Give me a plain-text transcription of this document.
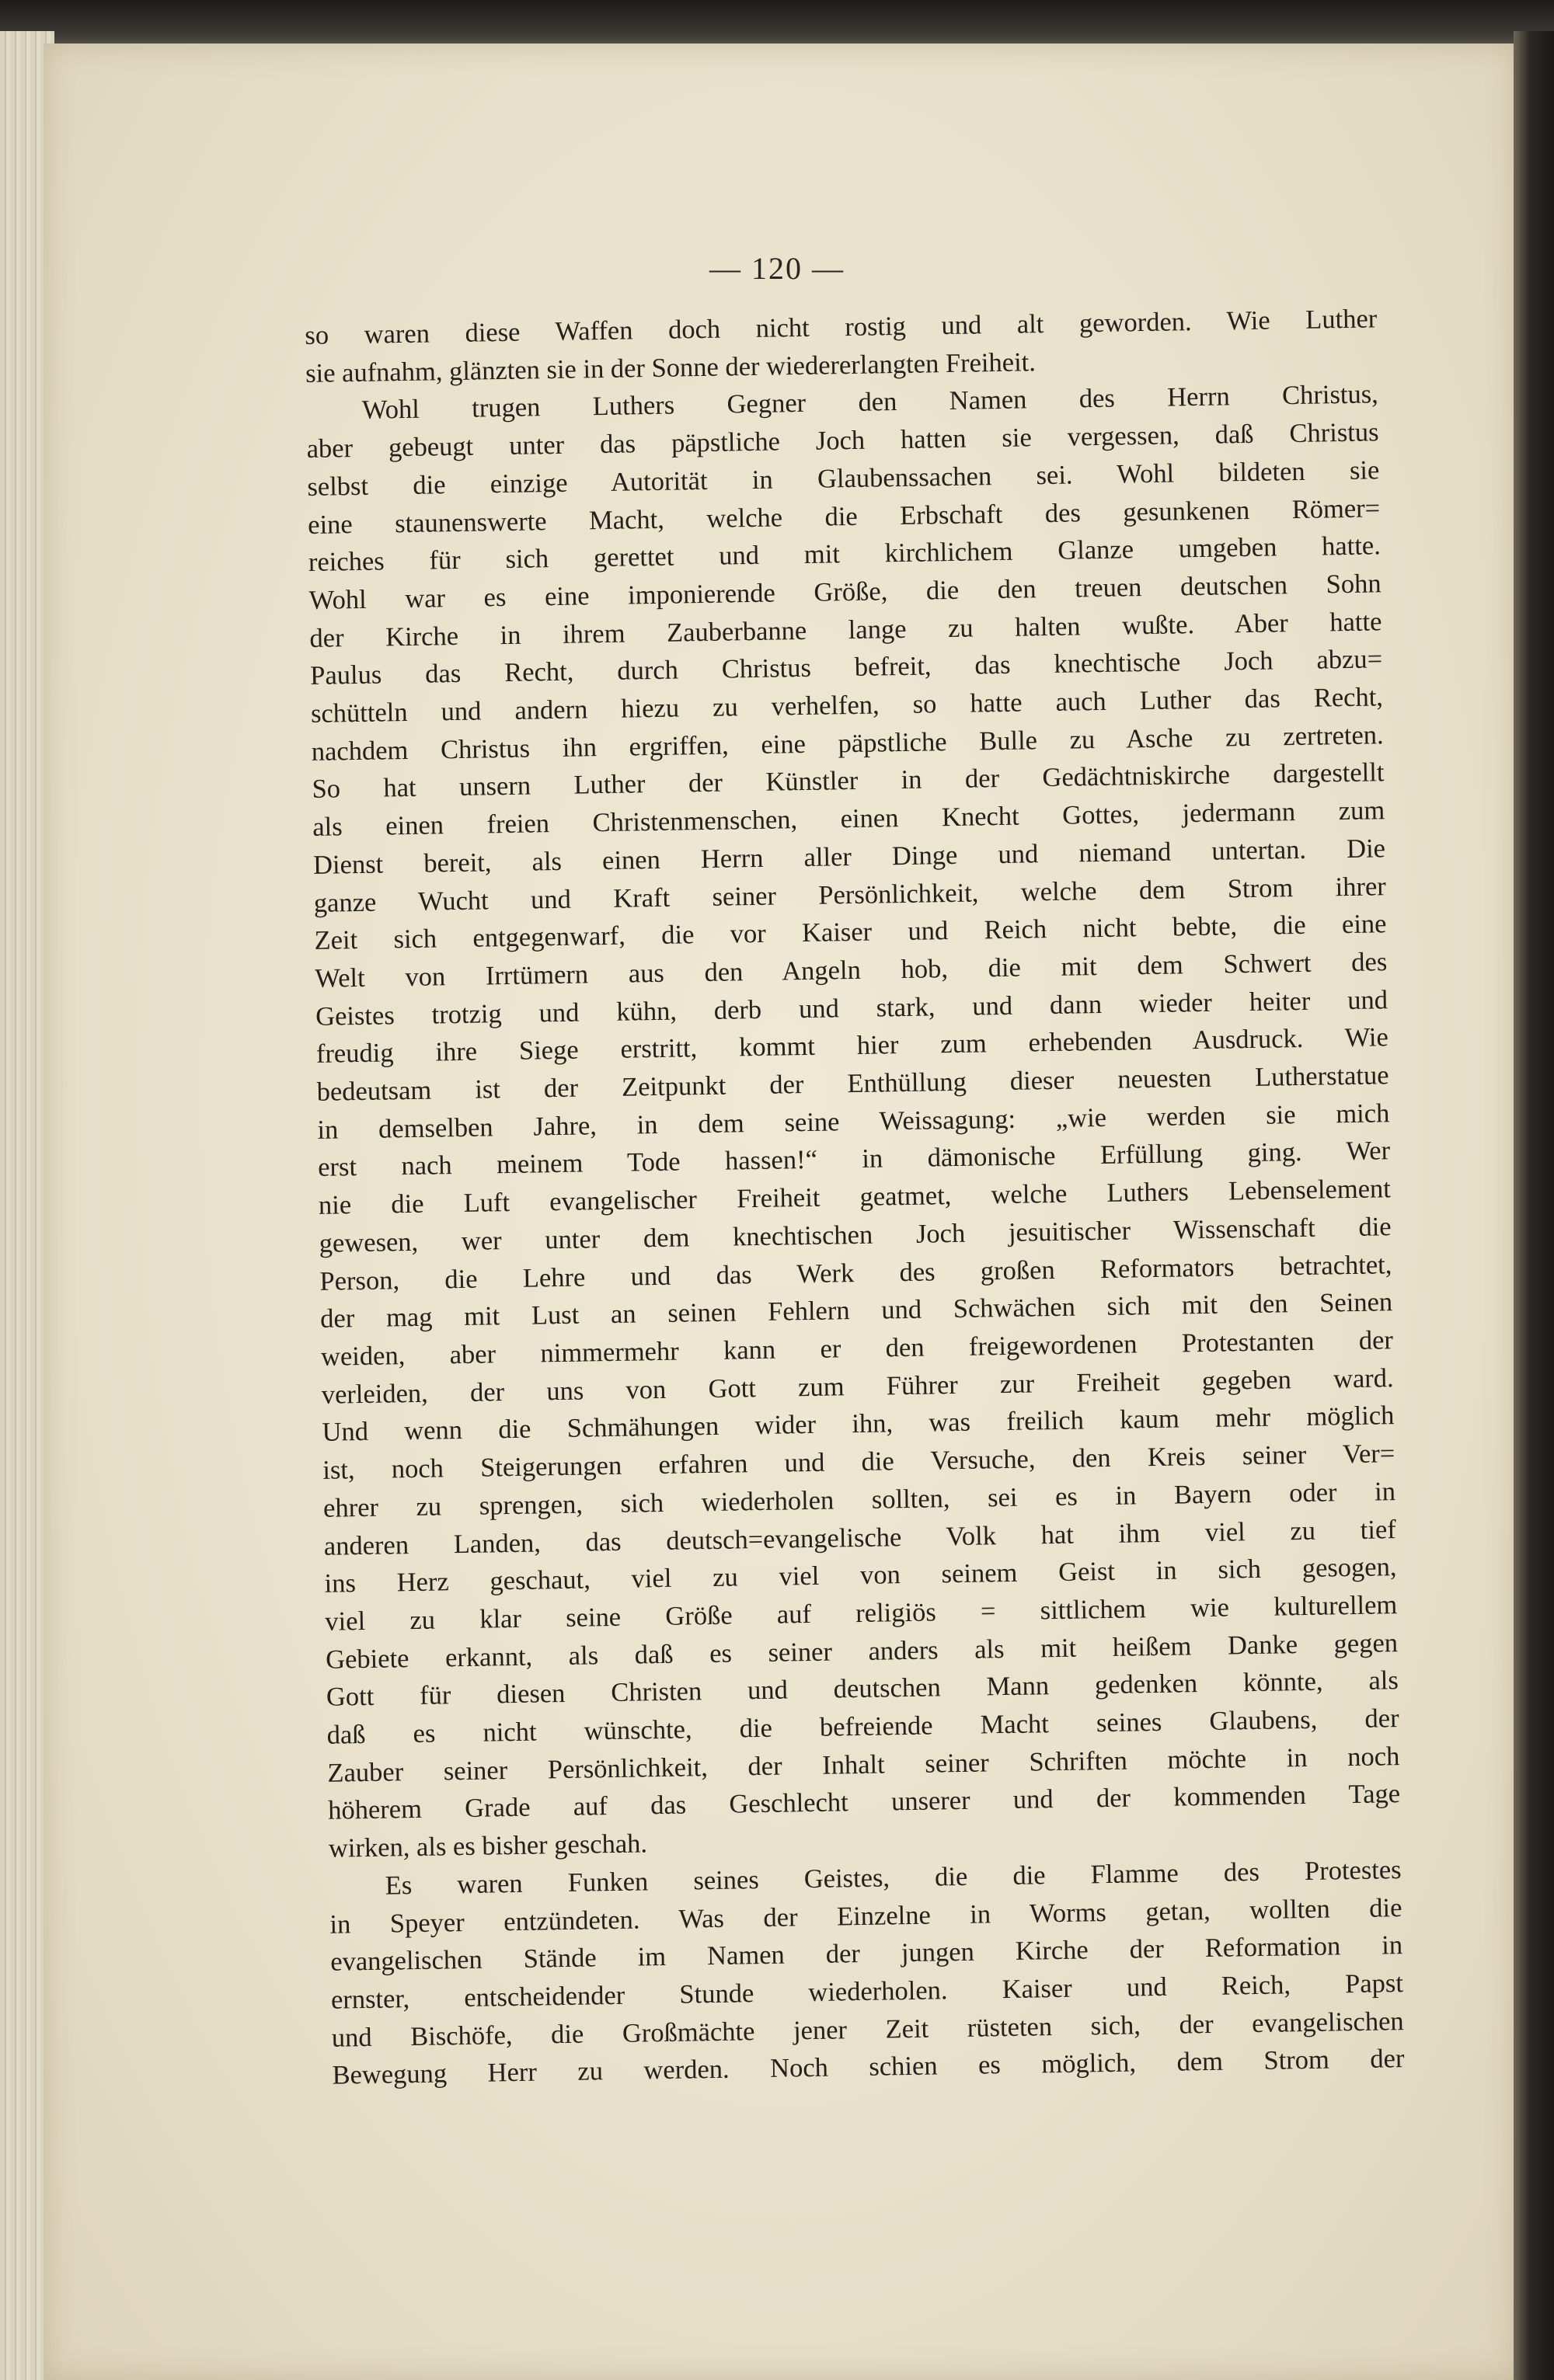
— 120 —
so waren diese Waffen doch nicht rostig und alt geworden. Wie Luther
sie aufnahm, glänzten sie in der Sonne der wiedererlangten Freiheit.
Wohl trugen Luthers Gegner den Namen des Herrn Christus,
aber gebeugt unter das päpstliche Joch hatten sie vergessen, daß Christus
selbst die einzige Autorität in Glaubenssachen sei. Wohl bildeten sie
eine staunenswerte Macht, welche die Erbschaft des gesunkenen Römer=
reiches für sich gerettet und mit kirchlichem Glanze umgeben hatte.
Wohl war es eine imponierende Größe, die den treuen deutschen Sohn
der Kirche in ihrem Zauberbanne lange zu halten wußte. Aber hatte
Paulus das Recht, durch Christus befreit, das knechtische Joch abzu=
schütteln und andern hiezu zu verhelfen, so hatte auch Luther das Recht,
nachdem Christus ihn ergriffen, eine päpstliche Bulle zu Asche zu zertreten.
So hat unsern Luther der Künstler in der Gedächtniskirche dargestellt
als einen freien Christenmenschen, einen Knecht Gottes, jedermann zum
Dienst bereit, als einen Herrn aller Dinge und niemand untertan. Die
ganze Wucht und Kraft seiner Persönlichkeit, welche dem Strom ihrer
Zeit sich entgegenwarf, die vor Kaiser und Reich nicht bebte, die eine
Welt von Irrtümern aus den Angeln hob, die mit dem Schwert des
Geistes trotzig und kühn, derb und stark, und dann wieder heiter und
freudig ihre Siege erstritt, kommt hier zum erhebenden Ausdruck. Wie
bedeutsam ist der Zeitpunkt der Enthüllung dieser neuesten Lutherstatue
in demselben Jahre, in dem seine Weissagung: „wie werden sie mich
erst nach meinem Tode hassen!“ in dämonische Erfüllung ging. Wer
nie die Luft evangelischer Freiheit geatmet, welche Luthers Lebenselement
gewesen, wer unter dem knechtischen Joch jesuitischer Wissenschaft die
Person, die Lehre und das Werk des großen Reformators betrachtet,
der mag mit Lust an seinen Fehlern und Schwächen sich mit den Seinen
weiden, aber nimmermehr kann er den freigewordenen Protestanten der
verleiden, der uns von Gott zum Führer zur Freiheit gegeben ward.
Und wenn die Schmähungen wider ihn, was freilich kaum mehr möglich
ist, noch Steigerungen erfahren und die Versuche, den Kreis seiner Ver=
ehrer zu sprengen, sich wiederholen sollten, sei es in Bayern oder in
anderen Landen, das deutsch=evangelische Volk hat ihm viel zu tief
ins Herz geschaut, viel zu viel von seinem Geist in sich gesogen,
viel zu klar seine Größe auf religiös = sittlichem wie kulturellem
Gebiete erkannt, als daß es seiner anders als mit heißem Danke gegen
Gott für diesen Christen und deutschen Mann gedenken könnte, als
daß es nicht wünschte, die befreiende Macht seines Glaubens, der
Zauber seiner Persönlichkeit, der Inhalt seiner Schriften möchte in noch
höherem Grade auf das Geschlecht unserer und der kommenden Tage
wirken, als es bisher geschah.
Es waren Funken seines Geistes, die die Flamme des Protestes
in Speyer entzündeten. Was der Einzelne in Worms getan, wollten die
evangelischen Stände im Namen der jungen Kirche der Reformation in
ernster, entscheidender Stunde wiederholen. Kaiser und Reich, Papst
und Bischöfe, die Großmächte jener Zeit rüsteten sich, der evangelischen
Bewegung Herr zu werden. Noch schien es möglich, dem Strom der
